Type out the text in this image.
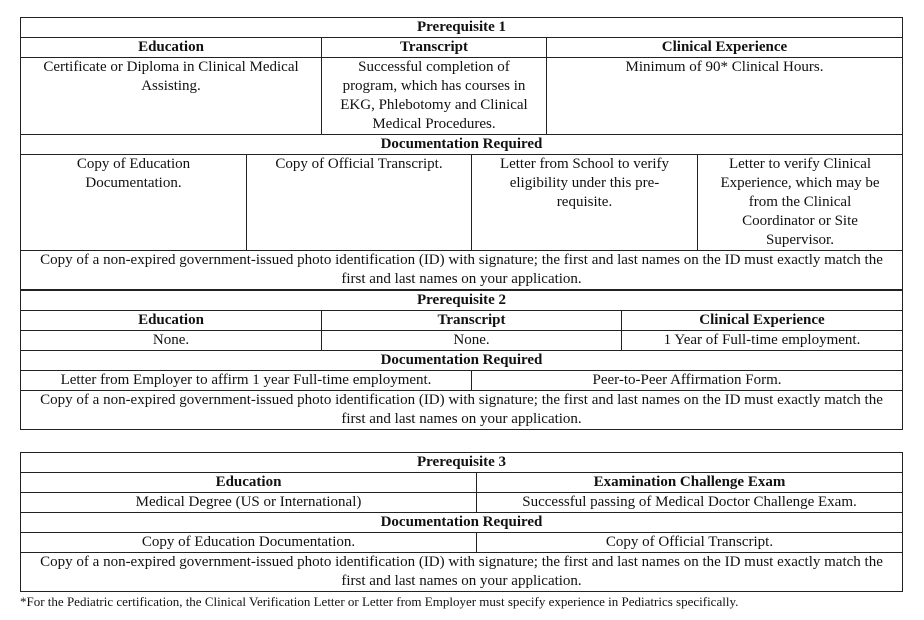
Prerequisite 1					
Education		Transcript		Clinical Experience	
Certificate or Diploma in Clinical Medical Assisting.		Successful completion of program, which has courses in EKG, Phlebotomy and Clinical Medical Procedures.		Minimum of 90* Clinical Hours.	
Documentation Required					
Copy of Education Documentation.	Copy of Official Transcript.		Letter from School to verify eligibility under this pre-requisite.		Letter to verify Clinical Experience, which may be from the Clinical Coordinator or Site Supervisor.
Copy of a non-expired government-issued photo identification (ID) with signature; the first and last names on the ID must exactly match the first and last names on your application.					
Prerequisite 2			
Education	Transcript		Clinical Experience
None.	None.		1 Year of Full-time employment.
Documentation Required			
Letter from Employer to affirm 1 year Full-time employment.		Peer-to-Peer Affirmation Form.	
Copy of a non-expired government-issued photo identification (ID) with signature; the first and last names on the ID must exactly match the first and last names on your application.			
Prerequisite 3	
Education	Examination Challenge Exam
Medical Degree (US or International)	Successful passing of Medical Doctor Challenge Exam.
Documentation Required	
Copy of Education Documentation.	Copy of Official Transcript.
Copy of a non-expired government-issued photo identification (ID) with signature; the first and last names on the ID must exactly match the first and last names on your application.	
*For the Pediatric certification, the Clinical Verification Letter or Letter from Employer must specify experience in Pediatrics specifically.
